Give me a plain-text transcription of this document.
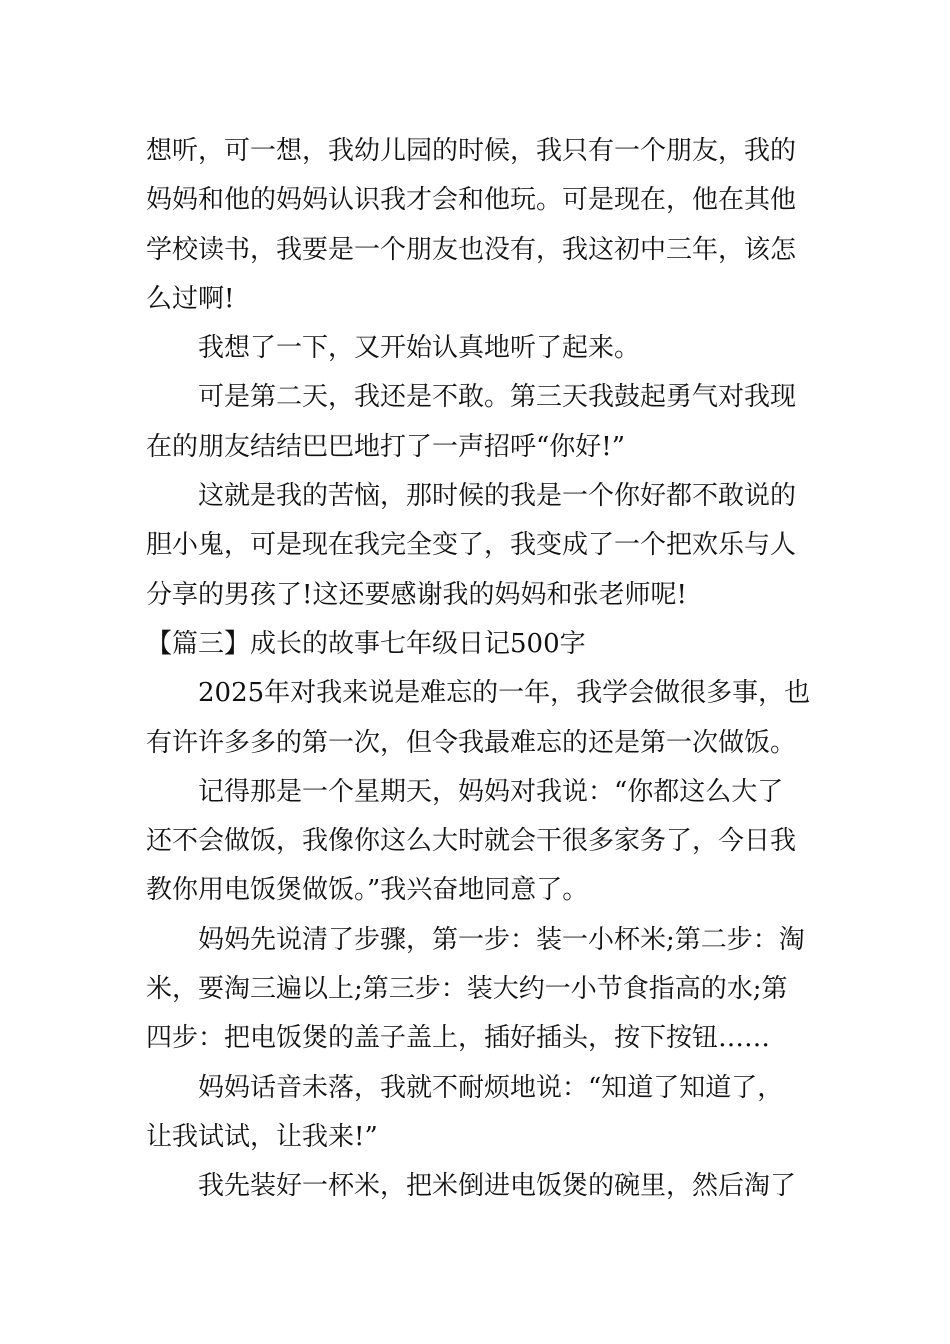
想听，可一想，我幼儿园的时候，我只有一个朋友，我的
妈妈和他的妈妈认识我才会和他玩。可是现在，他在其他
学校读书，我要是一个朋友也没有，我这初中三年，该怎
么过啊!
我想了一下，又开始认真地听了起来。
可是第二天，我还是不敢。第三天我鼓起勇气对我现
在的朋友结结巴巴地打了一声招呼“你好!”
这就是我的苦恼，那时候的我是一个你好都不敢说的
胆小鬼，可是现在我完全变了，我变成了一个把欢乐与人
分享的男孩了!这还要感谢我的妈妈和张老师呢!
【篇三】成长的故事七年级日记500字
2025年对我来说是难忘的一年，我学会做很多事，也
有许许多多的第一次，但令我最难忘的还是第一次做饭。
记得那是一个星期天，妈妈对我说：“你都这么大了
还不会做饭，我像你这么大时就会干很多家务了，今日我
教你用电饭煲做饭。”我兴奋地同意了。
妈妈先说清了步骤，第一步：装一小杯米;第二步：淘
米，要淘三遍以上;第三步：装大约一小节食指高的水;第
四步：把电饭煲的盖子盖上，插好插头，按下按钮……
妈妈话音未落，我就不耐烦地说：“知道了知道了，
让我试试，让我来!”
我先装好一杯米，把米倒进电饭煲的碗里，然后淘了
